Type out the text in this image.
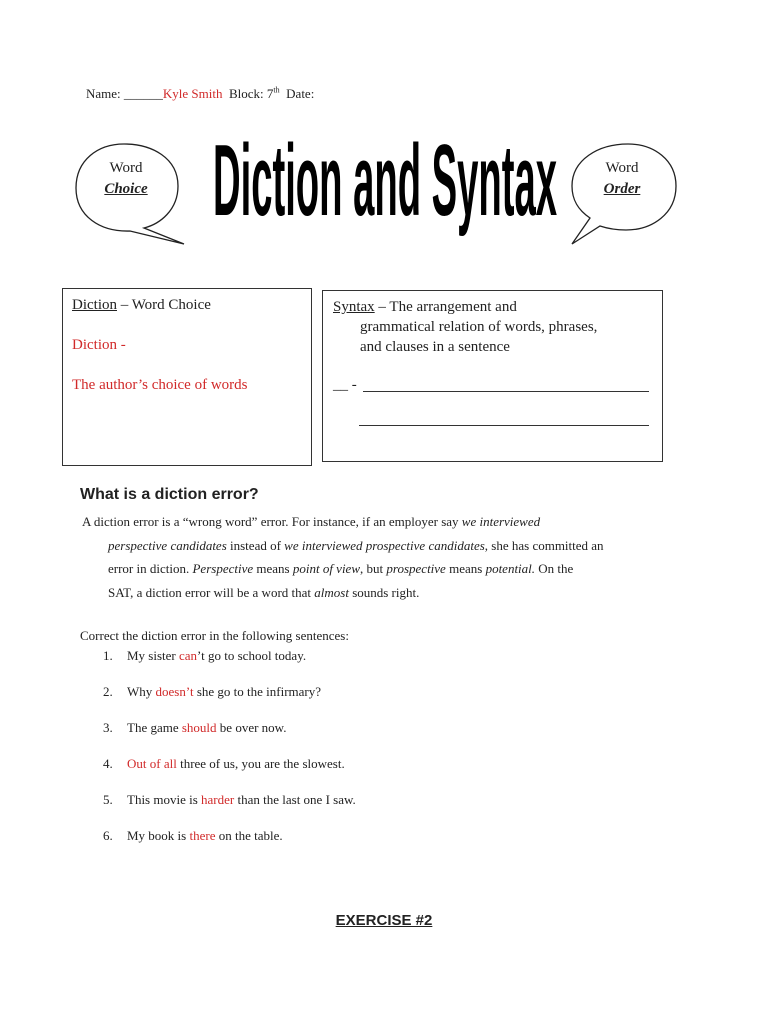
Name: ______Kyle Smith Block: 7th Date:
Word
Choice
Word
Order
Diction and Syntax
Diction – Word Choice
Diction -
The author’s choice of words
Syntax – The arrangement and
grammatical relation of words, phrases,
and clauses in a sentence
__ -
What is a diction error?
A diction error is a “wrong word” error. For instance, if an employer say we interviewed
perspective candidates instead of we interviewed prospective candidates, she has committed an
error in diction. Perspective means point of view, but prospective means potential. On the
SAT, a diction error will be a word that almost sounds right.
Correct the diction error in the following sentences:
1. My sister can’t go to school today.
2. Why doesn’t she go to the infirmary?
3. The game should be over now.
4. Out of all three of us, you are the slowest.
5. This movie is harder than the last one I saw.
6. My book is there on the table.
EXERCISE #2
